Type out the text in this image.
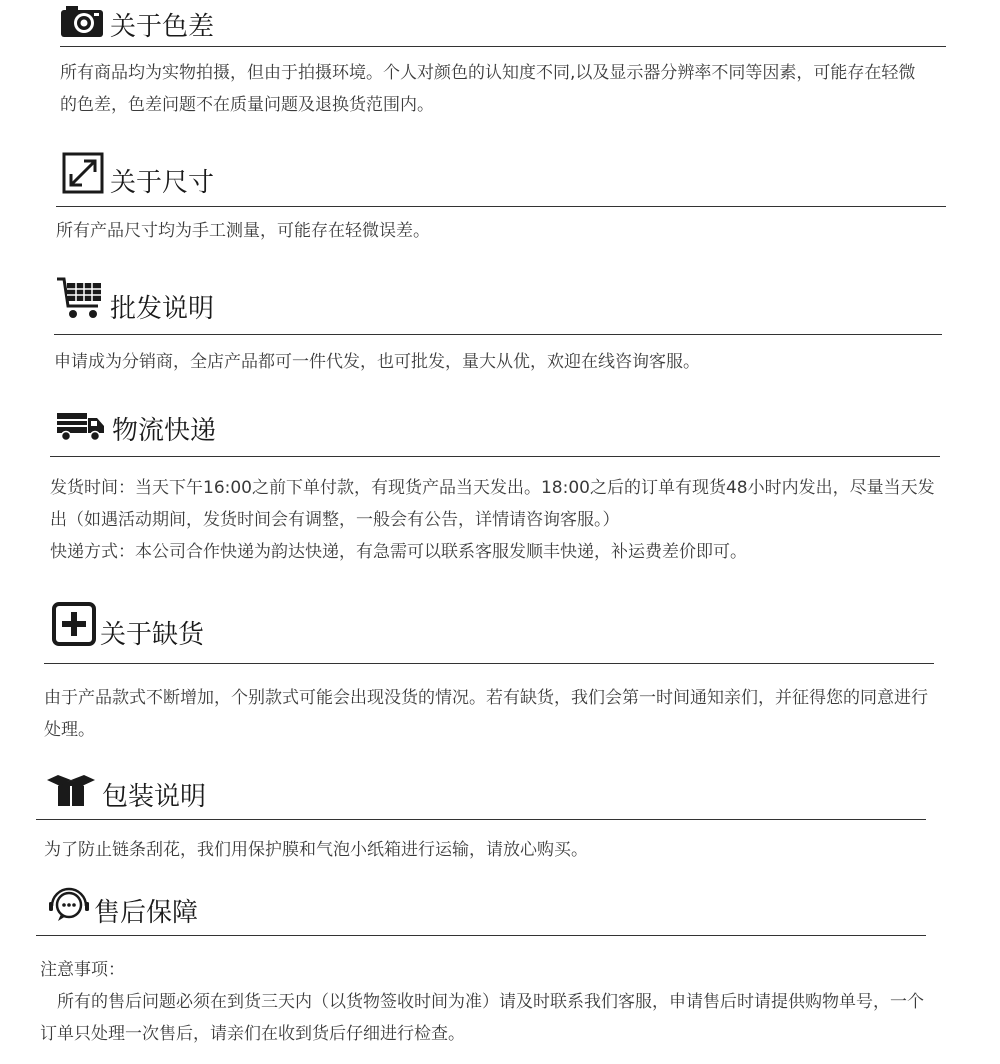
关于色差

所有商品均为实物拍摄，但由于拍摄环境。个人对颜色的认知度不同,以及显示器分辨率不同等因素，可能存在轻微的色差，色差问题不在质量问题及退换货范围内。

关于尺寸

所有产品尺寸均为手工测量，可能存在轻微误差。

批发说明

申请成为分销商，全店产品都可一件代发，也可批发，量大从优，欢迎在线咨询客服。

物流快递

发货时间：当天下午16:00之前下单付款，有现货产品当天发出。18:00之后的订单有现货48小时内发出，尽量当天发出（如遇活动期间，发货时间会有调整，一般会有公告，详情请咨询客服。）

快递方式：本公司合作快递为韵达快递，有急需可以联系客服发顺丰快递，补运费差价即可。

关于缺货

由于产品款式不断增加，个别款式可能会出现没货的情况。若有缺货，我们会第一时间通知亲们，并征得您的同意进行处理。

包装说明

为了防止链条刮花，我们用保护膜和气泡小纸箱进行运输，请放心购买。

售后保障

注意事项：

所有的售后问题必须在到货三天内（以货物签收时间为准）请及时联系我们客服，申请售后时请提供购物单号，一个订单只处理一次售后，请亲们在收到货后仔细进行检查。
